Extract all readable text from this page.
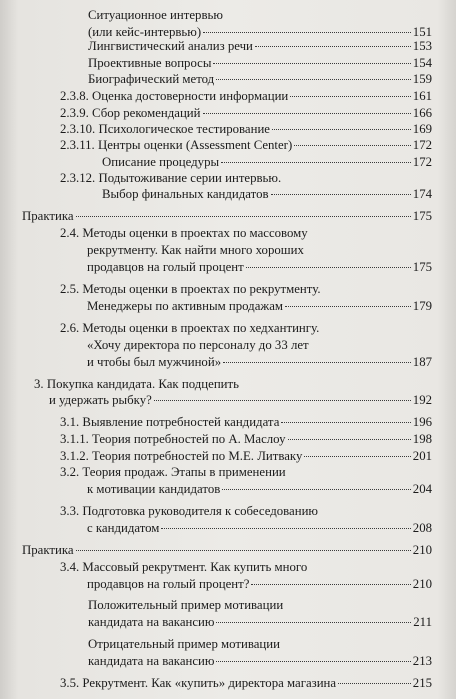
Ситуационное интервью
(или кейс-интервью)	151
Лингвистический анализ речи	153
Проективные вопросы	154
Биографический метод	159
2.3.8. Оценка достоверности информации	161
2.3.9. Сбор рекомендаций	166
2.3.10. Психологическое тестирование	169
2.3.11. Центры оценки (Assessment Center)	172
Описание процедуры	172
2.3.12. Подытоживание серии интервью.
Выбор финальных кандидатов	174
Практика	175
2.4. Методы оценки в проектах по массовому
рекрутменту. Как найти много хороших
продавцов на голый процент	175
2.5. Методы оценки в проектах по рекрутменту.
Менеджеры по активным продажам	179
2.6. Методы оценки в проектах по хедхантингу.
«Хочу директора по персоналу до 33 лет
и чтобы был мужчиной»	187
3. Покупка кандидата. Как подцепить
и удержать рыбку?	192
3.1. Выявление потребностей кандидата	196
3.1.1. Теория потребностей по А. Маслоу	198
3.1.2. Теория потребностей по М.Е. Литваку	201
3.2. Теория продаж. Этапы в применении
к мотивации кандидатов	204
3.3. Подготовка руководителя к собеседованию
с кандидатом	208
Практика	210
3.4. Массовый рекрутмент. Как купить много
продавцов на голый процент?	210
Положительный пример мотивации
кандидата на вакансию	211
Отрицательный пример мотивации
кандидата на вакансию	213
3.5. Рекрутмент. Как «купить» директора магазина	215
